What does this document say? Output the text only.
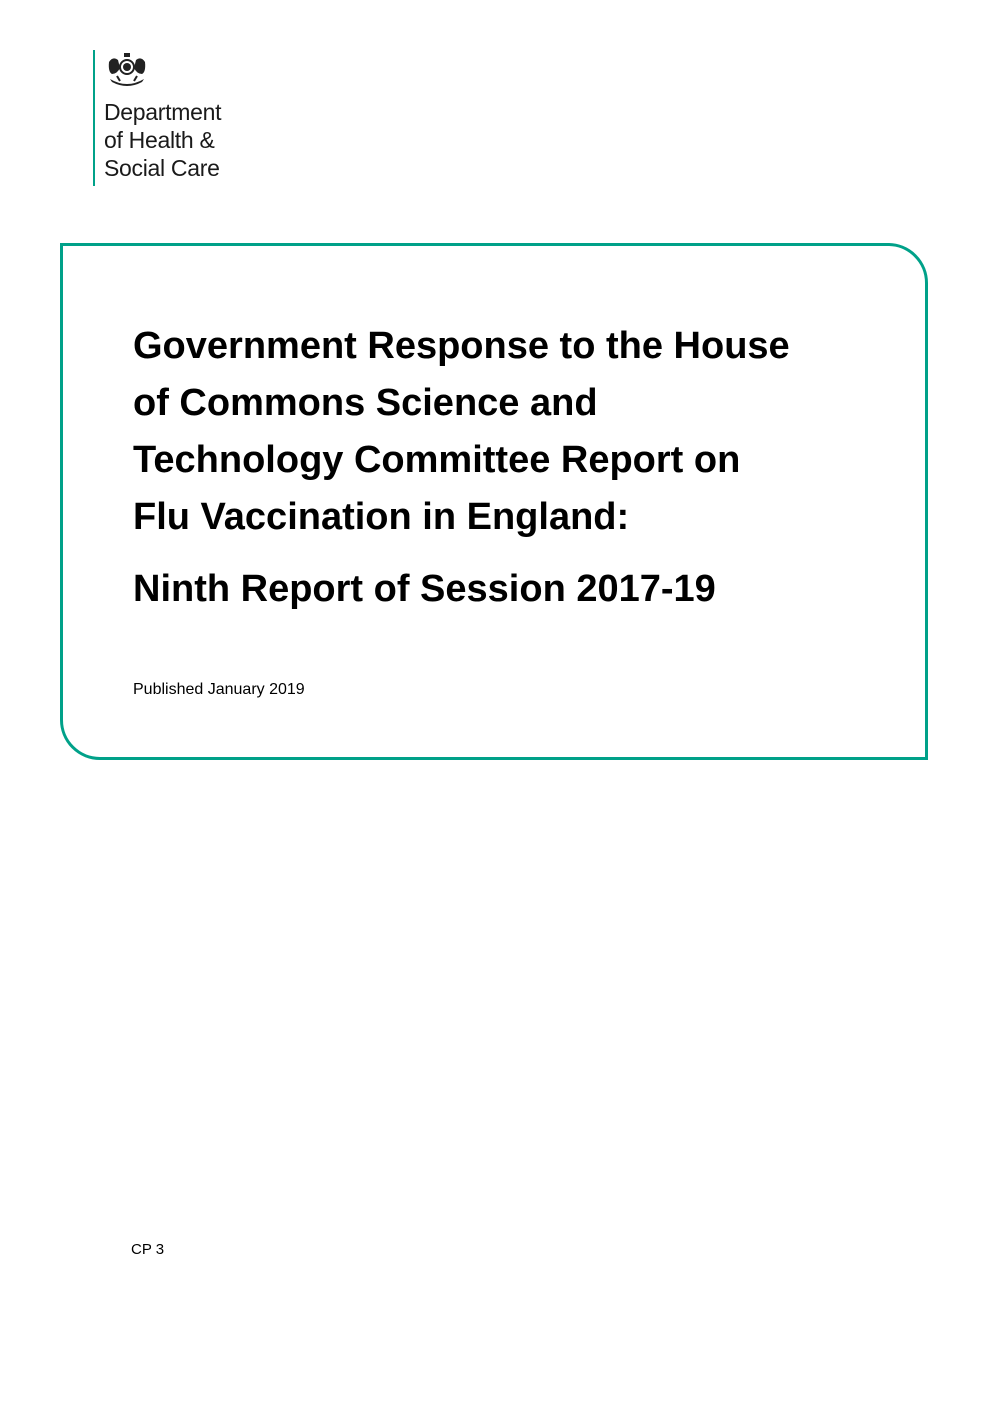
Department
of Health &
Social Care
Government Response to the House
of Commons Science and
Technology Committee Report on
Flu Vaccination in England:
Ninth Report of Session 2017-19
Published January 2019
CP 3
